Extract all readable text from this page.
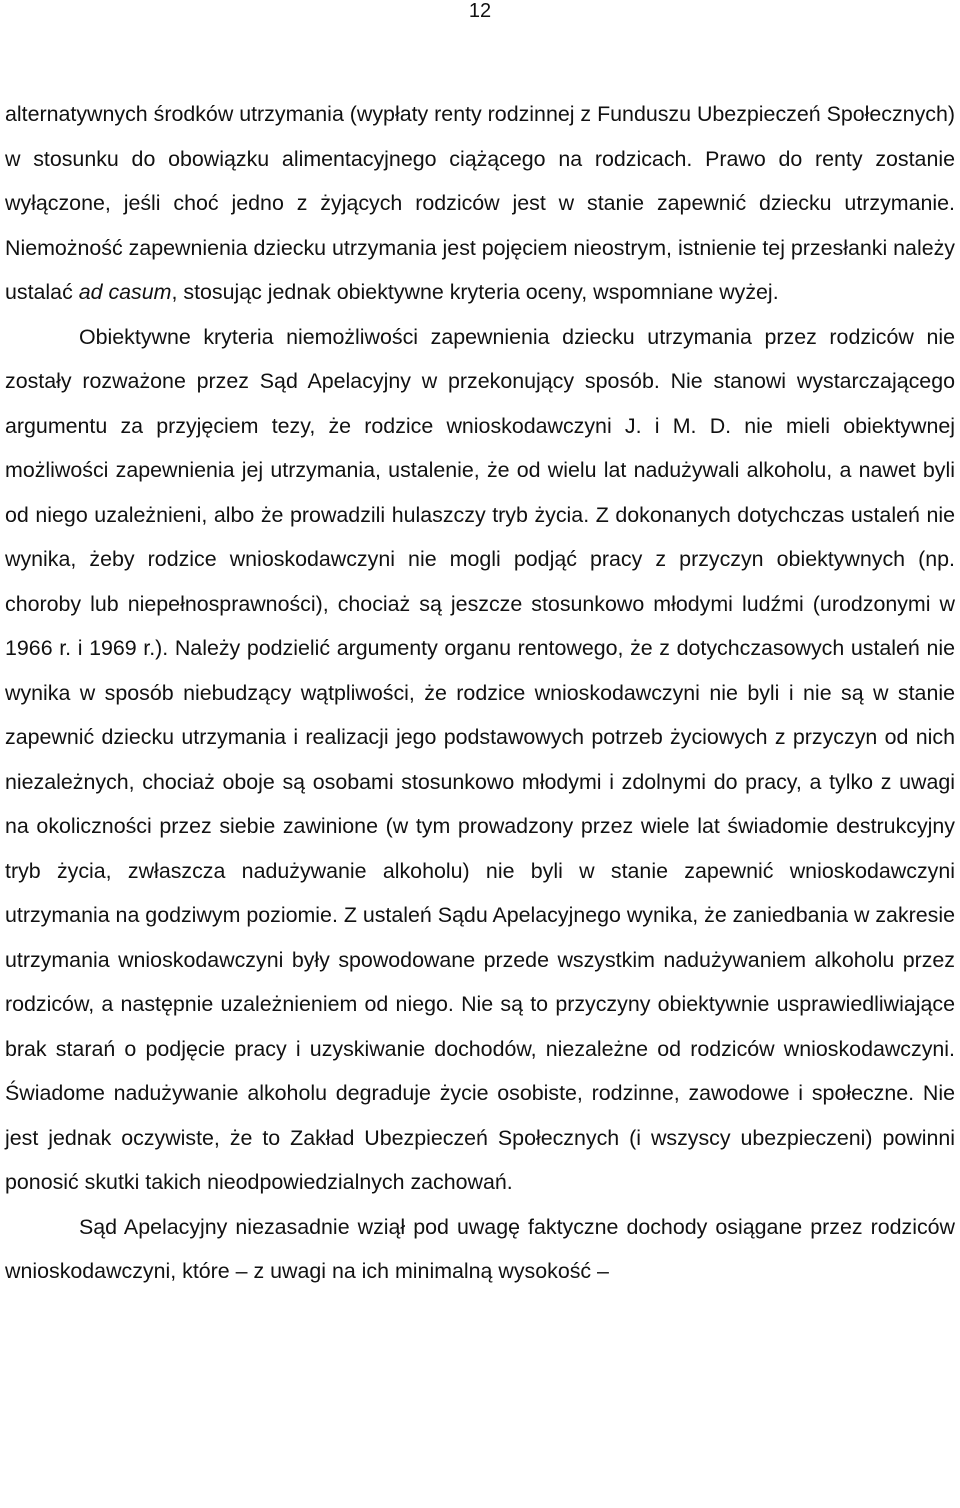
12

alternatywnych środków utrzymania (wypłaty renty rodzinnej z Funduszu Ubezpieczeń Społecznych) w stosunku do obowiązku alimentacyjnego ciążącego na rodzicach. Prawo do renty zostanie wyłączone, jeśli choć jedno z żyjących rodziców jest w stanie zapewnić dziecku utrzymanie. Niemożność zapewnienia dziecku utrzymania jest pojęciem nieostrym, istnienie tej przesłanki należy ustalać ad casum, stosując jednak obiektywne kryteria oceny, wspomniane wyżej.

Obiektywne kryteria niemożliwości zapewnienia dziecku utrzymania przez rodziców nie zostały rozważone przez Sąd Apelacyjny w przekonujący sposób. Nie stanowi wystarczającego argumentu za przyjęciem tezy, że rodzice wnioskodawczyni J. i M. D. nie mieli obiektywnej możliwości zapewnienia jej utrzymania, ustalenie, że od wielu lat nadużywali alkoholu, a nawet byli od niego uzależnieni, albo że prowadzili hulaszczy tryb życia. Z dokonanych dotychczas ustaleń nie wynika, żeby rodzice wnioskodawczyni nie mogli podjąć pracy z przyczyn obiektywnych (np. choroby lub niepełnosprawności), chociaż są jeszcze stosunkowo młodymi ludźmi (urodzonymi w 1966 r. i 1969 r.). Należy podzielić argumenty organu rentowego, że z dotychczasowych ustaleń nie wynika w sposób niebudzący wątpliwości, że rodzice wnioskodawczyni nie byli i nie są w stanie zapewnić dziecku utrzymania i realizacji jego podstawowych potrzeb życiowych z przyczyn od nich niezależnych, chociaż oboje są osobami stosunkowo młodymi i zdolnymi do pracy, a tylko z uwagi na okoliczności przez siebie zawinione (w tym prowadzony przez wiele lat świadomie destrukcyjny tryb życia, zwłaszcza nadużywanie alkoholu) nie byli w stanie zapewnić wnioskodawczyni utrzymania na godziwym poziomie. Z ustaleń Sądu Apelacyjnego wynika, że zaniedbania w zakresie utrzymania wnioskodawczyni były spowodowane przede wszystkim nadużywaniem alkoholu przez rodziców, a następnie uzależnieniem od niego. Nie są to przyczyny obiektywnie usprawiedliwiające brak starań o podjęcie pracy i uzyskiwanie dochodów, niezależne od rodziców wnioskodawczyni. Świadome nadużywanie alkoholu degraduje życie osobiste, rodzinne, zawodowe i społeczne. Nie jest jednak oczywiste, że to Zakład Ubezpieczeń Społecznych (i wszyscy ubezpieczeni) powinni ponosić skutki takich nieodpowiedzialnych zachowań.

Sąd Apelacyjny niezasadnie wziął pod uwagę faktyczne dochody osiągane przez rodziców wnioskodawczyni, które – z uwagi na ich minimalną wysokość –
